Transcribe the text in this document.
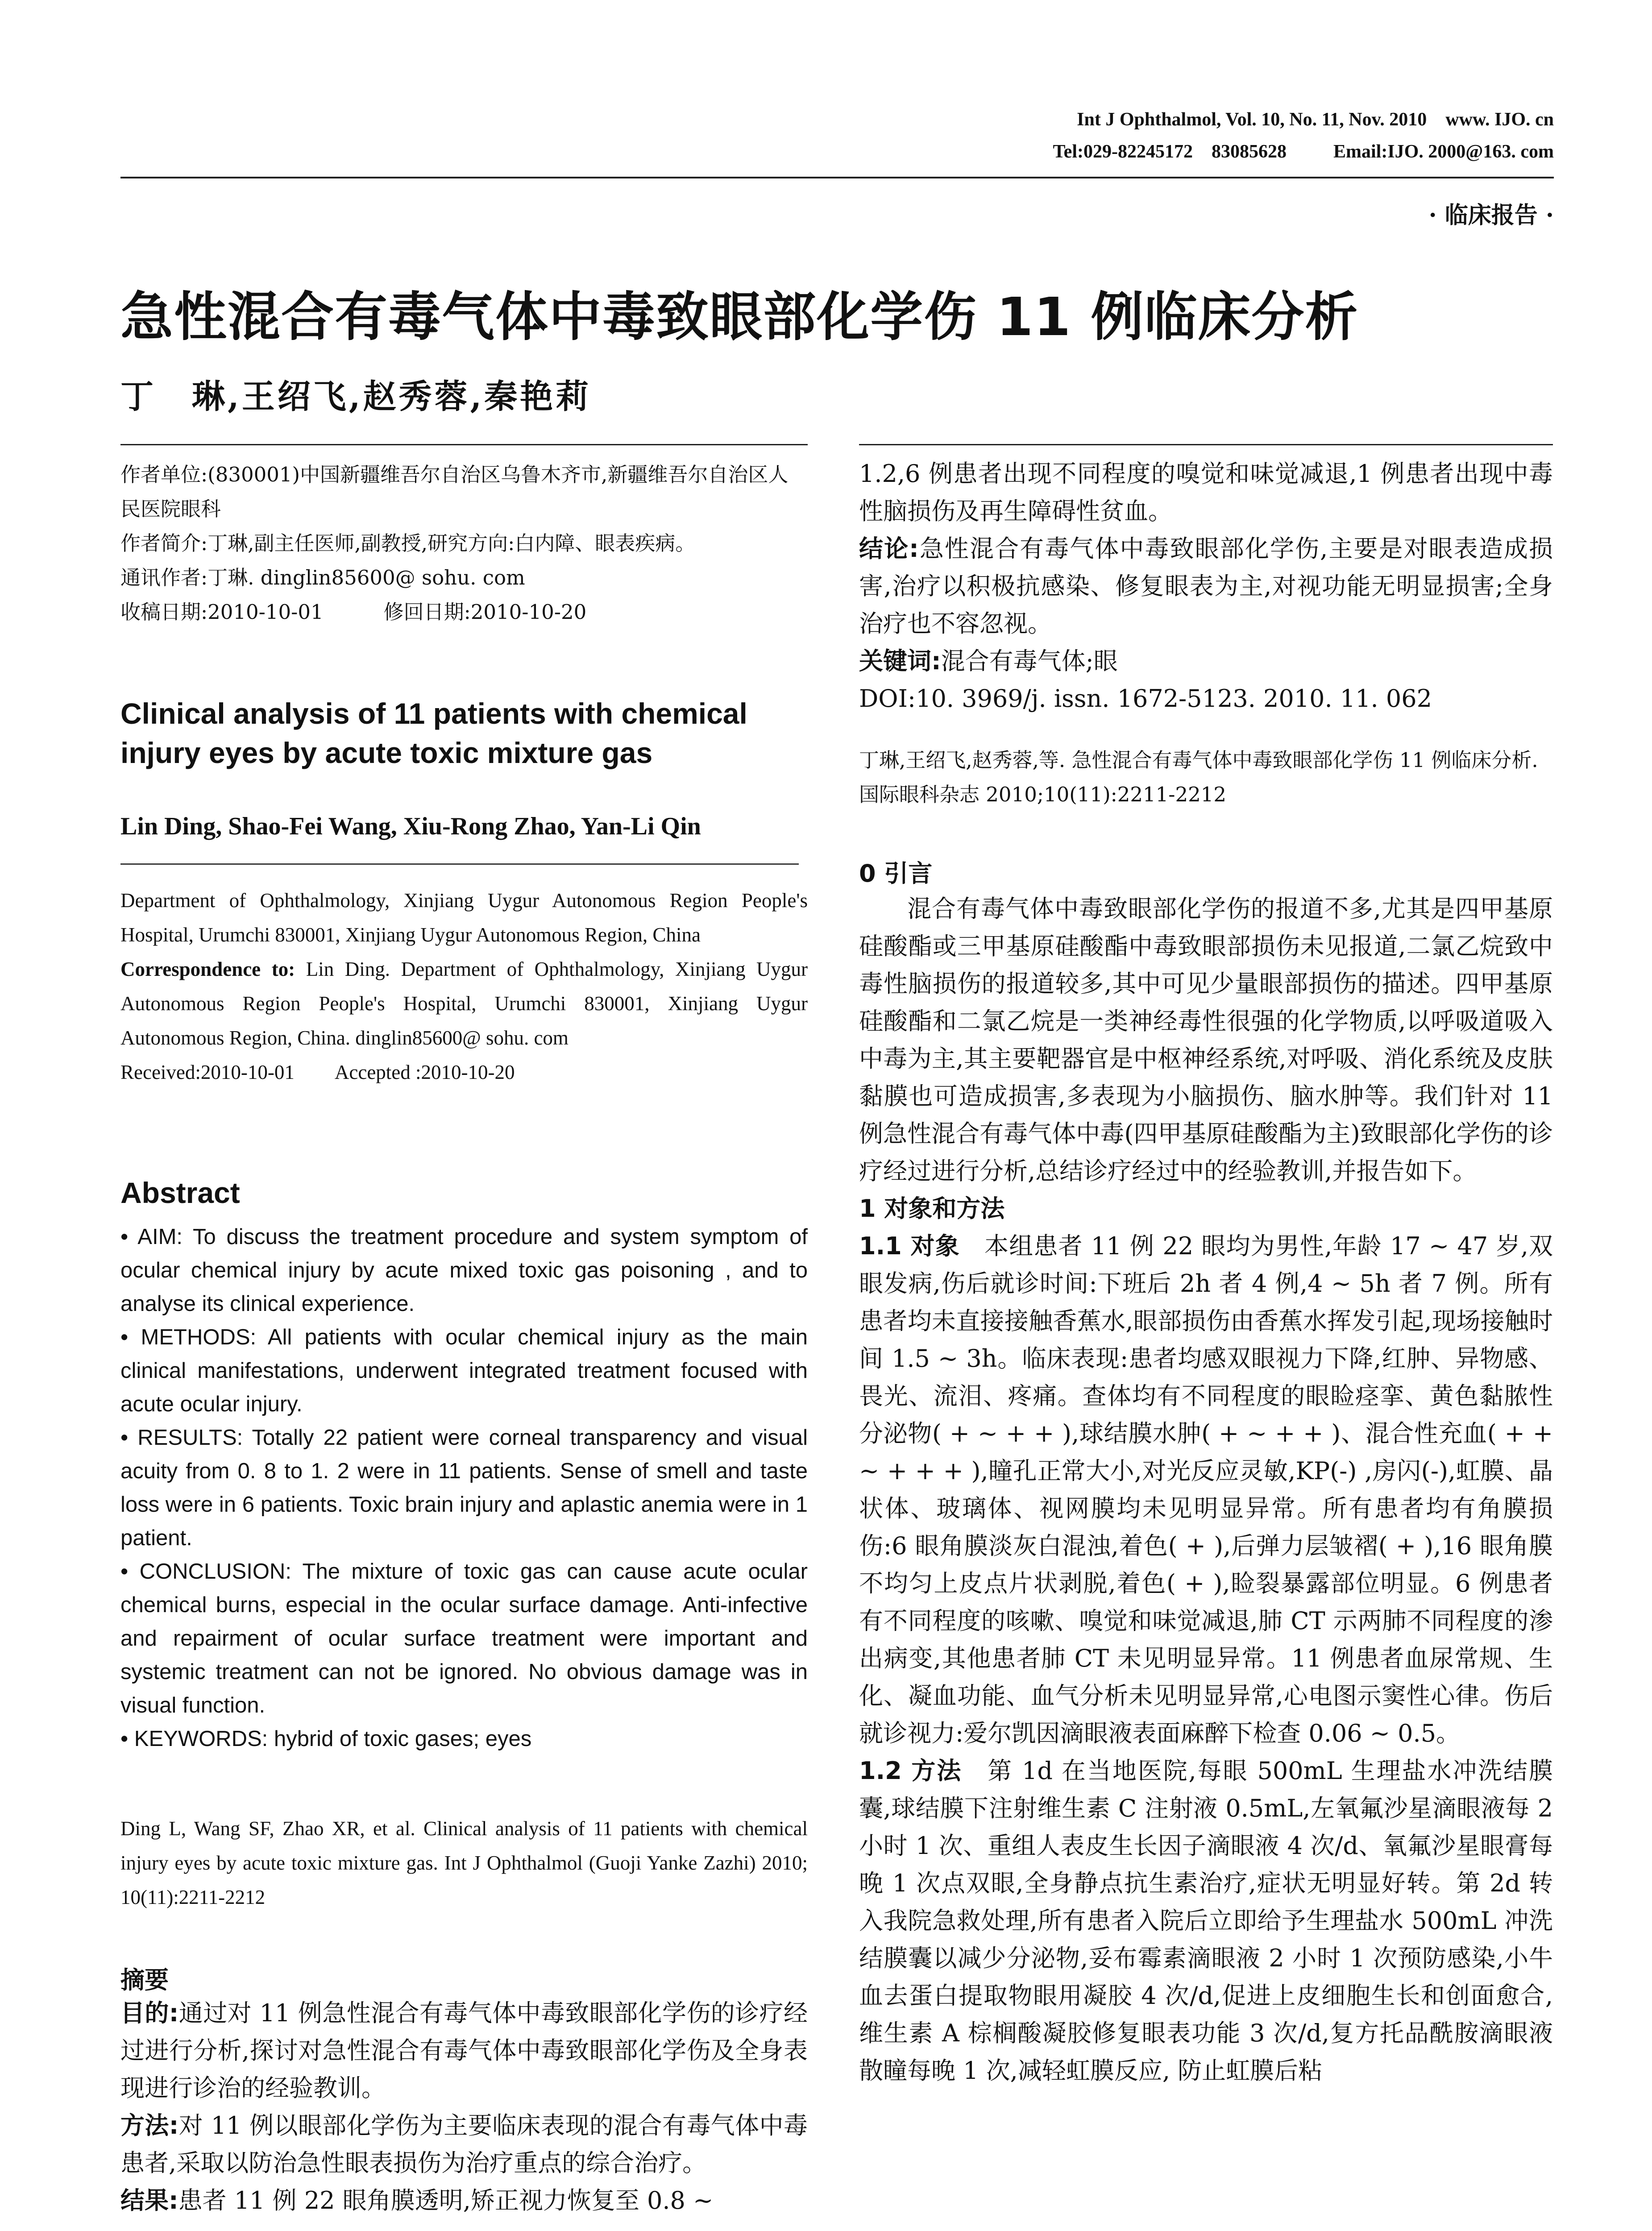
Int J Ophthalmol, Vol. 10, No. 11, Nov. 2010    www. IJO. cn
Tel:029-82245172    83085628          Email:IJO. 2000@163. com
· 临床报告 ·
急性混合有毒气体中毒致眼部化学伤 11 例临床分析
丁　琳,王绍飞,赵秀蓉,秦艳莉

作者单位:(830001)中国新疆维吾尔自治区乌鲁木齐市,新疆维吾尔自治区人民医院眼科

作者简介:丁琳,副主任医师,副教授,研究方向:白内障、眼表疾病。

通讯作者:丁琳. dinglin85600@ sohu. com

收稿日期:2010-10-01　　　修回日期:2010-10-20

Clinical analysis of 11 patients with chemical injury eyes by acute toxic mixture gas
Lin Ding, Shao-Fei Wang, Xiu-Rong Zhao, Yan-Li Qin

Department of Ophthalmology, Xinjiang Uygur Autonomous Region People's Hospital, Urumchi 830001, Xinjiang Uygur Autonomous Region, China

Correspondence to: Lin Ding. Department of Ophthalmology, Xinjiang Uygur Autonomous Region People's Hospital, Urumchi 830001, Xinjiang Uygur Autonomous Region, China. dinglin85600@ sohu. com

Received:2010-10-01　　Accepted :2010-10-20

Abstract

• AIM: To discuss the treatment procedure and system symptom of ocular chemical injury by acute mixed toxic gas poisoning , and to analyse its clinical experience.

• METHODS: All patients with ocular chemical injury as the main clinical manifestations, underwent integrated treatment focused with acute ocular injury.

• RESULTS: Totally 22 patient were corneal transparency and visual acuity from 0. 8 to 1. 2 were in 11 patients. Sense of smell and taste loss were in 6 patients. Toxic brain injury and aplastic anemia were in 1 patient.

• CONCLUSION: The mixture of toxic gas can cause acute ocular chemical burns, especial in the ocular surface damage. Anti-infective and repairment of ocular surface treatment were important and systemic treatment can not be ignored. No obvious damage was in visual function.

• KEYWORDS: hybrid of toxic gases; eyes

Ding L, Wang SF, Zhao XR, et al. Clinical analysis of 11 patients with chemical injury eyes by acute toxic mixture gas. Int J Ophthalmol (Guoji Yanke Zazhi) 2010; 10(11):2211-2212
摘要

目的:通过对 11 例急性混合有毒气体中毒致眼部化学伤的诊疗经过进行分析,探讨对急性混合有毒气体中毒致眼部化学伤及全身表现进行诊治的经验教训。

方法:对 11 例以眼部化学伤为主要临床表现的混合有毒气体中毒患者,采取以防治急性眼表损伤为治疗重点的综合治疗。

结果:患者 11 例 22 眼角膜透明,矫正视力恢复至 0.8 ~

1.2,6 例患者出现不同程度的嗅觉和味觉减退,1 例患者出现中毒性脑损伤及再生障碍性贫血。

结论:急性混合有毒气体中毒致眼部化学伤,主要是对眼表造成损害,治疗以积极抗感染、修复眼表为主,对视功能无明显损害;全身治疗也不容忽视。

关键词:混合有毒气体;眼

DOI:10. 3969/j. issn. 1672-5123. 2010. 11. 062

丁琳,王绍飞,赵秀蓉,等. 急性混合有毒气体中毒致眼部化学伤 11 例临床分析. 国际眼科杂志 2010;10(11):2211-2212
0 引言

混合有毒气体中毒致眼部化学伤的报道不多,尤其是四甲基原硅酸酯或三甲基原硅酸酯中毒致眼部损伤未见报道,二氯乙烷致中毒性脑损伤的报道较多,其中可见少量眼部损伤的描述。四甲基原硅酸酯和二氯乙烷是一类神经毒性很强的化学物质,以呼吸道吸入中毒为主,其主要靶器官是中枢神经系统,对呼吸、消化系统及皮肤黏膜也可造成损害,多表现为小脑损伤、脑水肿等。我们针对 11 例急性混合有毒气体中毒(四甲基原硅酸酯为主)致眼部化学伤的诊疗经过进行分析,总结诊疗经过中的经验教训,并报告如下。

1 对象和方法

1.1 对象　本组患者 11 例 22 眼均为男性,年龄 17 ~ 47 岁,双眼发病,伤后就诊时间:下班后 2h 者 4 例,4 ~ 5h 者 7 例。所有患者均未直接接触香蕉水,眼部损伤由香蕉水挥发引起,现场接触时间 1.5 ~ 3h。临床表现:患者均感双眼视力下降,红肿、异物感、畏光、流泪、疼痛。查体均有不同程度的眼睑痉挛、黄色黏脓性分泌物( + ~ + + ),球结膜水肿( + ~ + + )、混合性充血( + + ~ + + + ),瞳孔正常大小,对光反应灵敏,KP(-) ,房闪(-),虹膜、晶状体、玻璃体、视网膜均未见明显异常。所有患者均有角膜损伤:6 眼角膜淡灰白混浊,着色( + ),后弹力层皱褶( + ),16 眼角膜不均匀上皮点片状剥脱,着色( + ),睑裂暴露部位明显。6 例患者有不同程度的咳嗽、嗅觉和味觉减退,肺 CT 示两肺不同程度的渗出病变,其他患者肺 CT 未见明显异常。11 例患者血尿常规、生化、凝血功能、血气分析未见明显异常,心电图示窦性心律。伤后就诊视力:爱尔凯因滴眼液表面麻醉下检查 0.06 ~ 0.5。

1.2 方法　第 1d 在当地医院,每眼 500mL 生理盐水冲洗结膜囊,球结膜下注射维生素 C 注射液 0.5mL,左氧氟沙星滴眼液每 2 小时 1 次、重组人表皮生长因子滴眼液 4 次/d、氧氟沙星眼膏每晚 1 次点双眼,全身静点抗生素治疗,症状无明显好转。第 2d 转入我院急救处理,所有患者入院后立即给予生理盐水 500mL 冲洗结膜囊以减少分泌物,妥布霉素滴眼液 2 小时 1 次预防感染,小牛血去蛋白提取物眼用凝胶 4 次/d,促进上皮细胞生长和创面愈合,维生素 A 棕榈酸凝胶修复眼表功能 3 次/d,复方托品酰胺滴眼液散瞳每晚 1 次,减轻虹膜反应, 防止虹膜后粘
